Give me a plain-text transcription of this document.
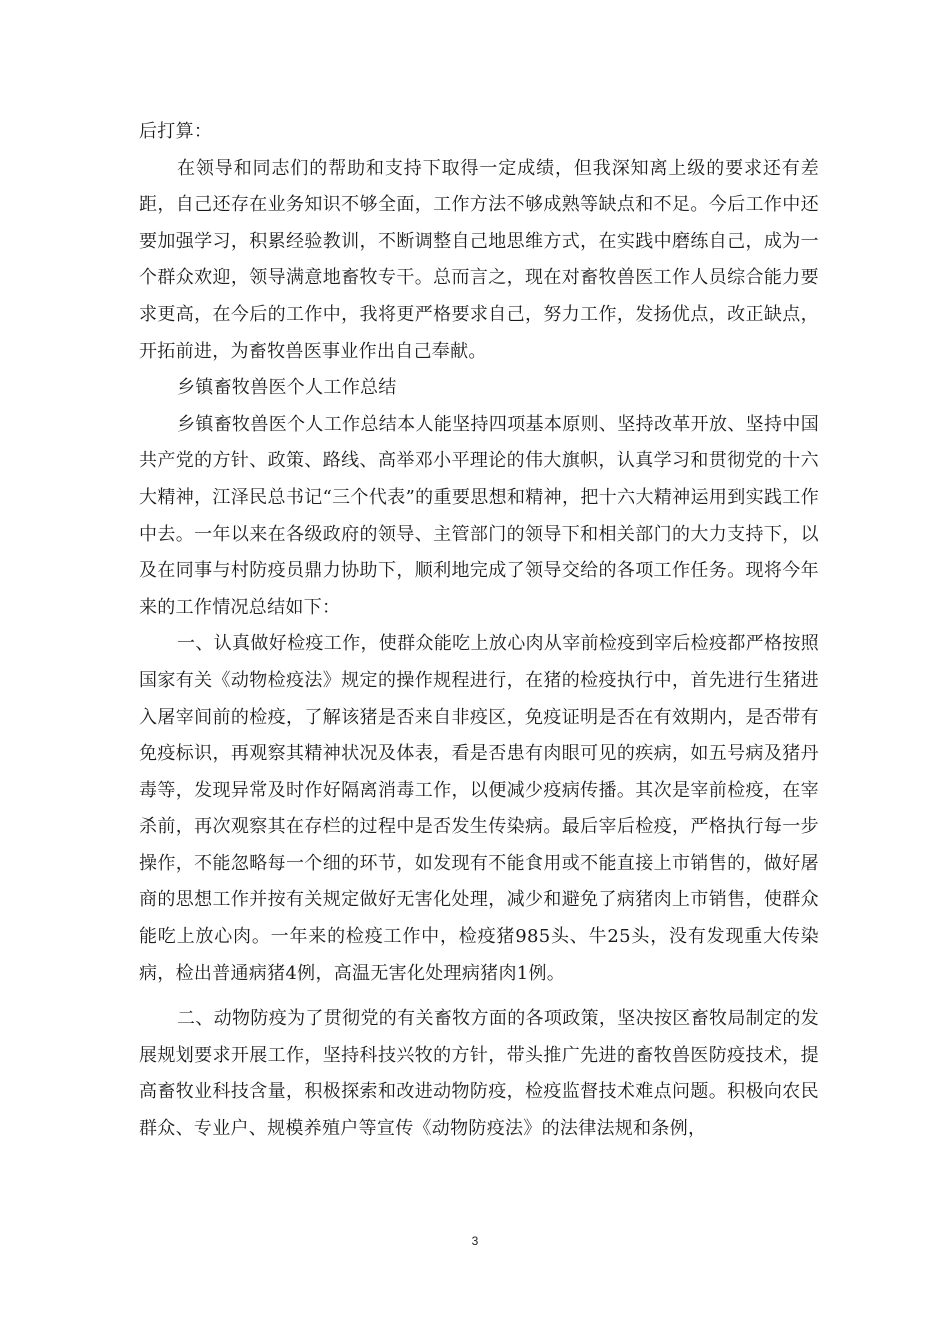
后打算：

在领导和同志们的帮助和支持下取得一定成绩，但我深知离上级的要求还有差距，自己还存在业务知识不够全面，工作方法不够成熟等缺点和不足。今后工作中还要加强学习，积累经验教训，不断调整自己地思维方式，在实践中磨练自己，成为一个群众欢迎，领导满意地畜牧专干。总而言之，现在对畜牧兽医工作人员综合能力要求更高，在今后的工作中，我将更严格要求自己，努力工作，发扬优点，改正缺点，开拓前进，为畜牧兽医事业作出自己奉献。

乡镇畜牧兽医个人工作总结

乡镇畜牧兽医个人工作总结本人能坚持四项基本原则、坚持改革开放、坚持中国共产党的方针、政策、路线、高举邓小平理论的伟大旗帜，认真学习和贯彻党的十六大精神，江泽民总书记“三个代表”的重要思想和精神，把十六大精神运用到实践工作中去。一年以来在各级政府的领导、主管部门的领导下和相关部门的大力支持下，以及在同事与村防疫员鼎力协助下，顺利地完成了领导交给的各项工作任务。现将今年来的工作情况总结如下：

一、认真做好检疫工作，使群众能吃上放心肉从宰前检疫到宰后检疫都严格按照国家有关《动物检疫法》规定的操作规程进行，在猪的检疫执行中，首先进行生猪进入屠宰间前的检疫，了解该猪是否来自非疫区，免疫证明是否在有效期内，是否带有免疫标识，再观察其精神状况及体表，看是否患有肉眼可见的疾病，如五号病及猪丹毒等，发现异常及时作好隔离消毒工作，以便减少疫病传播。其次是宰前检疫，在宰杀前，再次观察其在存栏的过程中是否发生传染病。最后宰后检疫，严格执行每一步操作，不能忽略每一个细的环节，如发现有不能食用或不能直接上市销售的，做好屠商的思想工作并按有关规定做好无害化处理，减少和避免了病猪肉上市销售，使群众能吃上放心肉。一年来的检疫工作中，检疫猪985头、牛25头，没有发现重大传染病，检出普通病猪4例，高温无害化处理病猪肉1例。

二、动物防疫为了贯彻党的有关畜牧方面的各项政策，坚决按区畜牧局制定的发展规划要求开展工作，坚持科技兴牧的方针，带头推广先进的畜牧兽医防疫技术，提高畜牧业科技含量，积极探索和改进动物防疫，检疫监督技术难点问题。积极向农民群众、专业户、规模养殖户等宣传《动物防疫法》的法律法规和条例，

3
